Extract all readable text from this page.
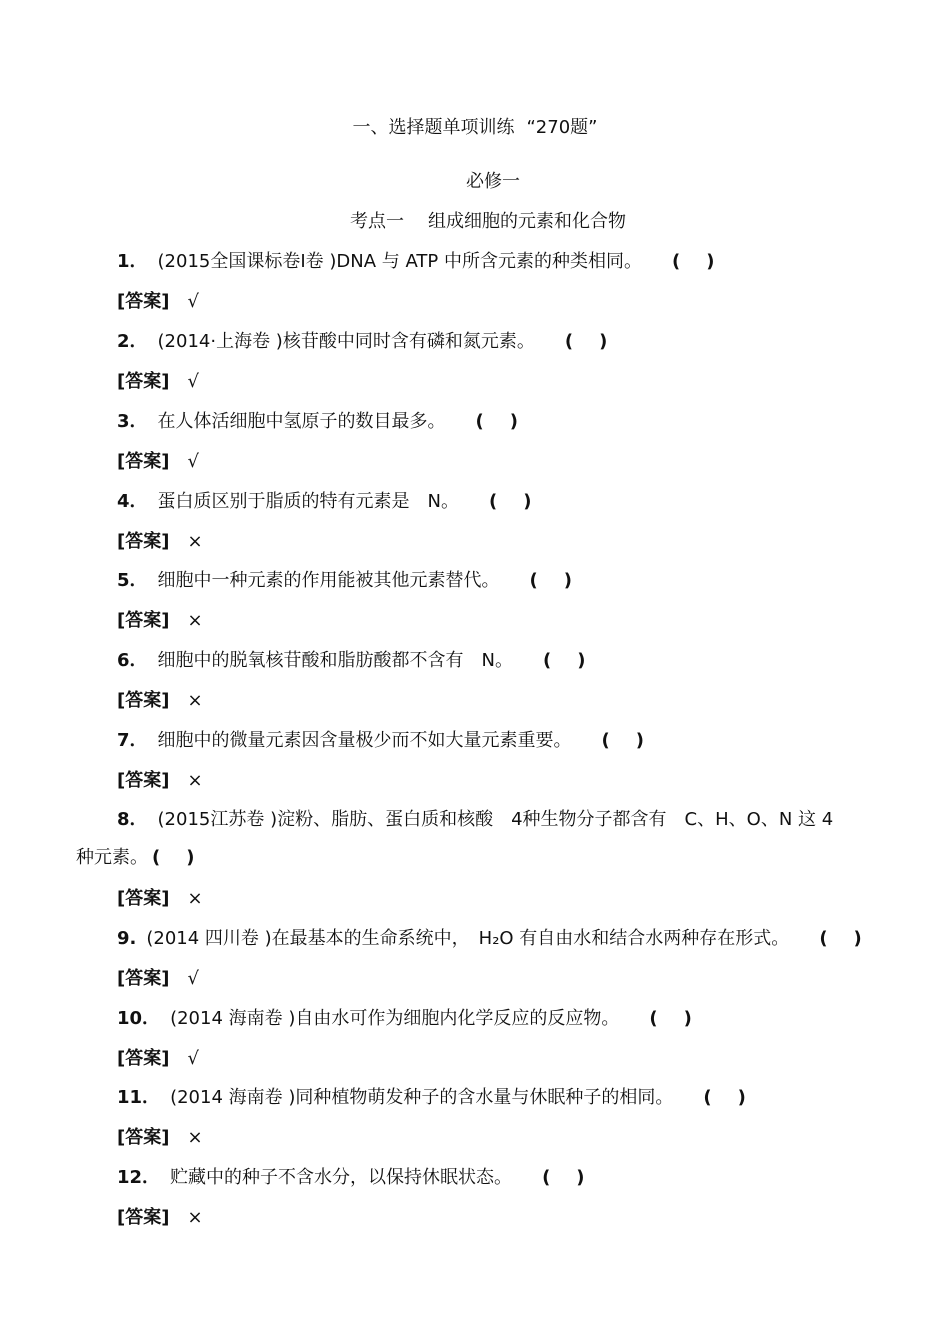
一、选择题单项训练 “270题”
必修一
考点一 组成细胞的元素和化合物
1． (2015全国课标卷Ⅰ卷 )DNA 与 ATP 中所含元素的种类相同。 ( )
[答案] √
2． (2014·上海卷 )核苷酸中同时含有磷和氮元素。 ( )
[答案] √
3． 在人体活细胞中氢原子的数目最多。 ( )
[答案] √
4． 蛋白质区别于脂质的特有元素是　N。 ( )
[答案] ×
5． 细胞中一种元素的作用能被其他元素替代。 ( )
[答案] ×
6． 细胞中的脱氧核苷酸和脂肪酸都不含有　N。 ( )
[答案] ×
7． 细胞中的微量元素因含量极少而不如大量元素重要。 ( )
[答案] ×
种元素。 ( )
8． (2015江苏卷 )淀粉、脂肪、蛋白质和核酸　4种生物分子都含有　C、H、O、N 这 4
[答案] ×
9. (2014 四川卷 )在最基本的生命系统中，　H₂O 有自由水和结合水两种存在形式。 ( )
[答案] √
10． (2014 海南卷 )自由水可作为细胞内化学反应的反应物。 ( )
[答案] √
11． (2014 海南卷 )同种植物萌发种子的含水量与休眠种子的相同。 ( )
[答案] ×
12． 贮藏中的种子不含水分，以保持休眠状态。 ( )
[答案] ×
